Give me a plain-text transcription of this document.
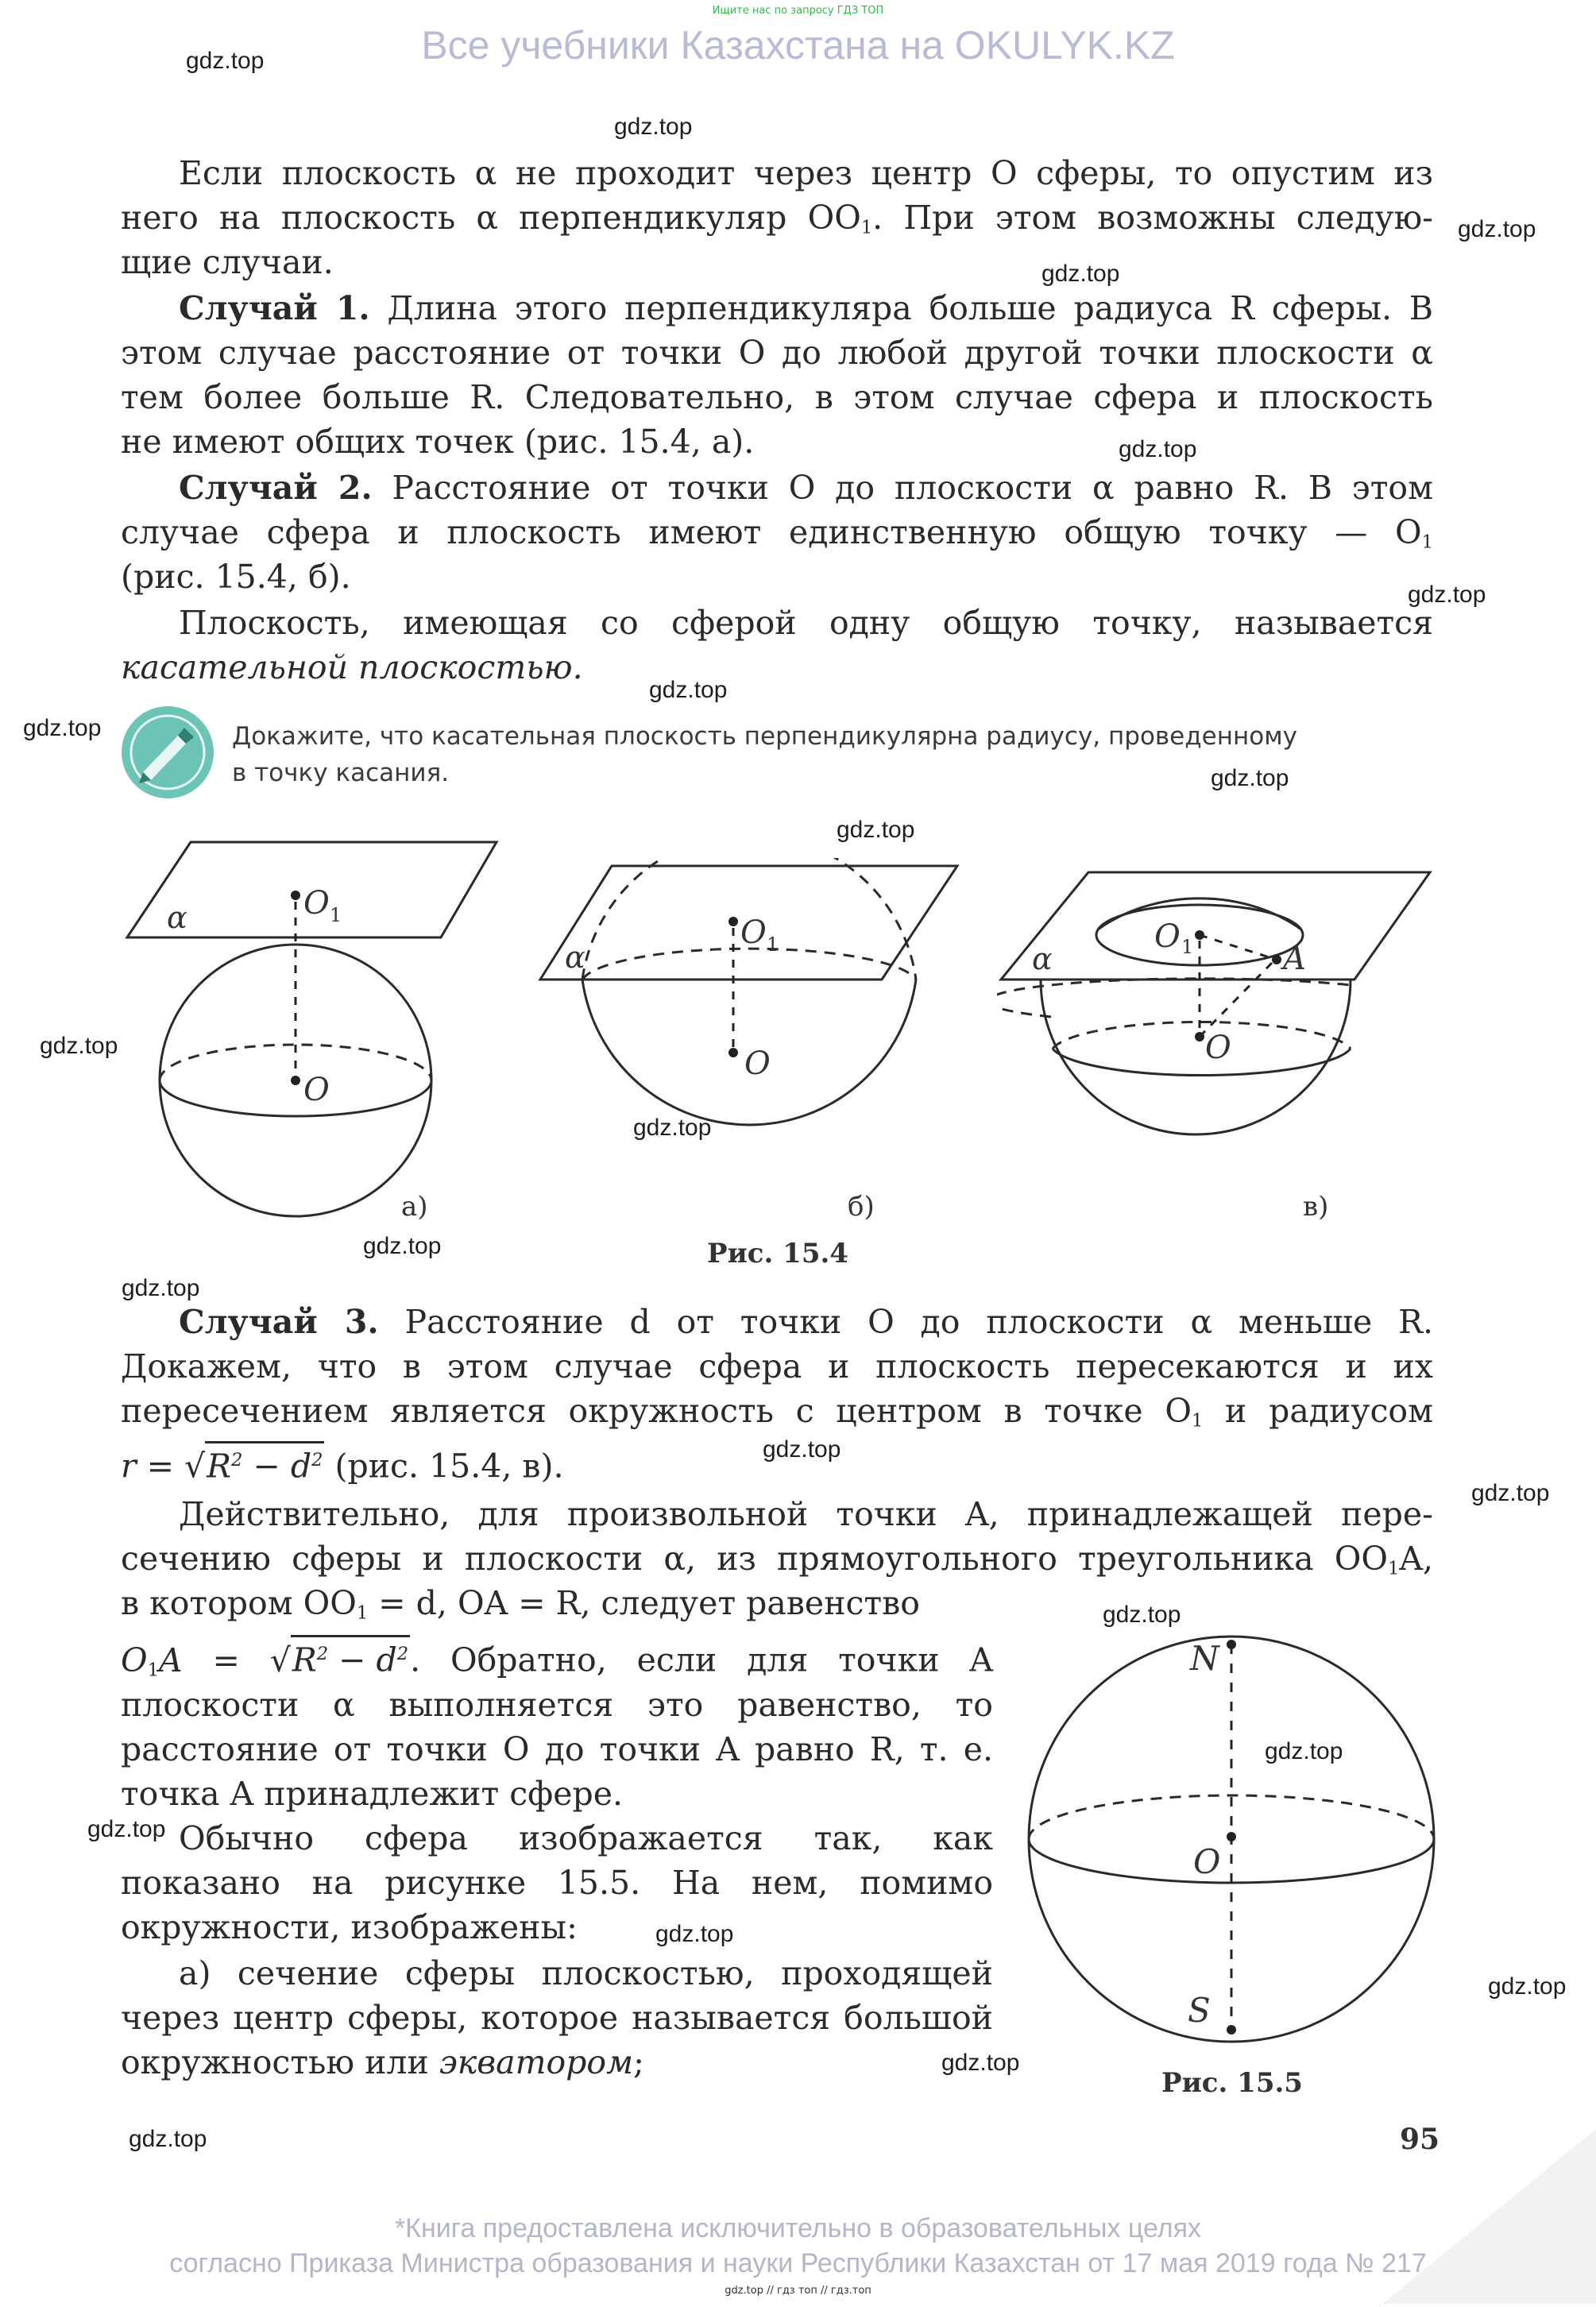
Ищите нас по запросу ГДЗ ТОП
Все учебники Казахстана на OKULYK.KZ
gdz.top
gdz.top
gdz.top
gdz.top
gdz.top
gdz.top
gdz.top
gdz.top
gdz.top
gdz.top
gdz.top
gdz.top
gdz.top
gdz.top
gdz.top
gdz.top
gdz.top
gdz.top
gdz.top
gdz.top
gdz.top
gdz.top
gdz.top
Если плоскость α не проходит через центр O сферы, то опустим из
него на плоскость α перпендикуляр $OO_1$. При этом возможны следую-
щие случаи.
Случай 1. Длина этого перпендикуляра больше радиуса R сферы. В
этом случае расстояние от точки O до любой другой точки плоскости α
тем более больше R. Следовательно, в этом случае сфера и плоскость
не имеют общих точек (рис. 15.4, а).
Случай 2. Расстояние от точки O до плоскости α равно R. В этом
случае сфера и плоскость имеют единственную общую точку — $O_1$
(рис. 15.4, б).
Плоскость, имеющая со сферой одну общую точку, называется
касательной плоскостью.
Докажите, что касательная плоскость перпендикулярна радиусу, проведенному
в точку касания.
α	O 1
O
а)
α
O 1
O
б)
α
O 1	A
O
в)
Рис. 15.4
Случай 3. Расстояние d от точки O до плоскости α меньше R.
Докажем, что в этом случае сфера и плоскость пересекаются и их
пересечением является окружность с центром в точке $O_1$ и радиусом
$r = √R^2 - d^2$ (рис. 15.4, в).
Действительно, для произвольной точки A, принадлежащей пере-
сечению сферы и плоскости α, из прямоугольного треугольника $OO_1A$,
в котором $OO_1 = d$, OA = R, следует равенство
$O_1A = √R^2 - d^2$. Обратно, если для точки A
плоскости α выполняется это равенство, то
расстояние от точки O до точки A равно R, т. е.
точка A принадлежит сфере.
Обычно сфера изображается так, как
показано на рисунке 15.5. На нем, помимо
окружности, изображены:
а) сечение сферы плоскостью, проходящей
через центр сферы, которое называется большой
окружностью или экватором;
N
O
S
Рис. 15.5
95
*Книга предоставлена исключительно в образовательных целях
согласно Приказа Министра образования и науки Республики Казахстан от 17 мая 2019 года № 217
gdz.top // гдз топ // гдз.топ
